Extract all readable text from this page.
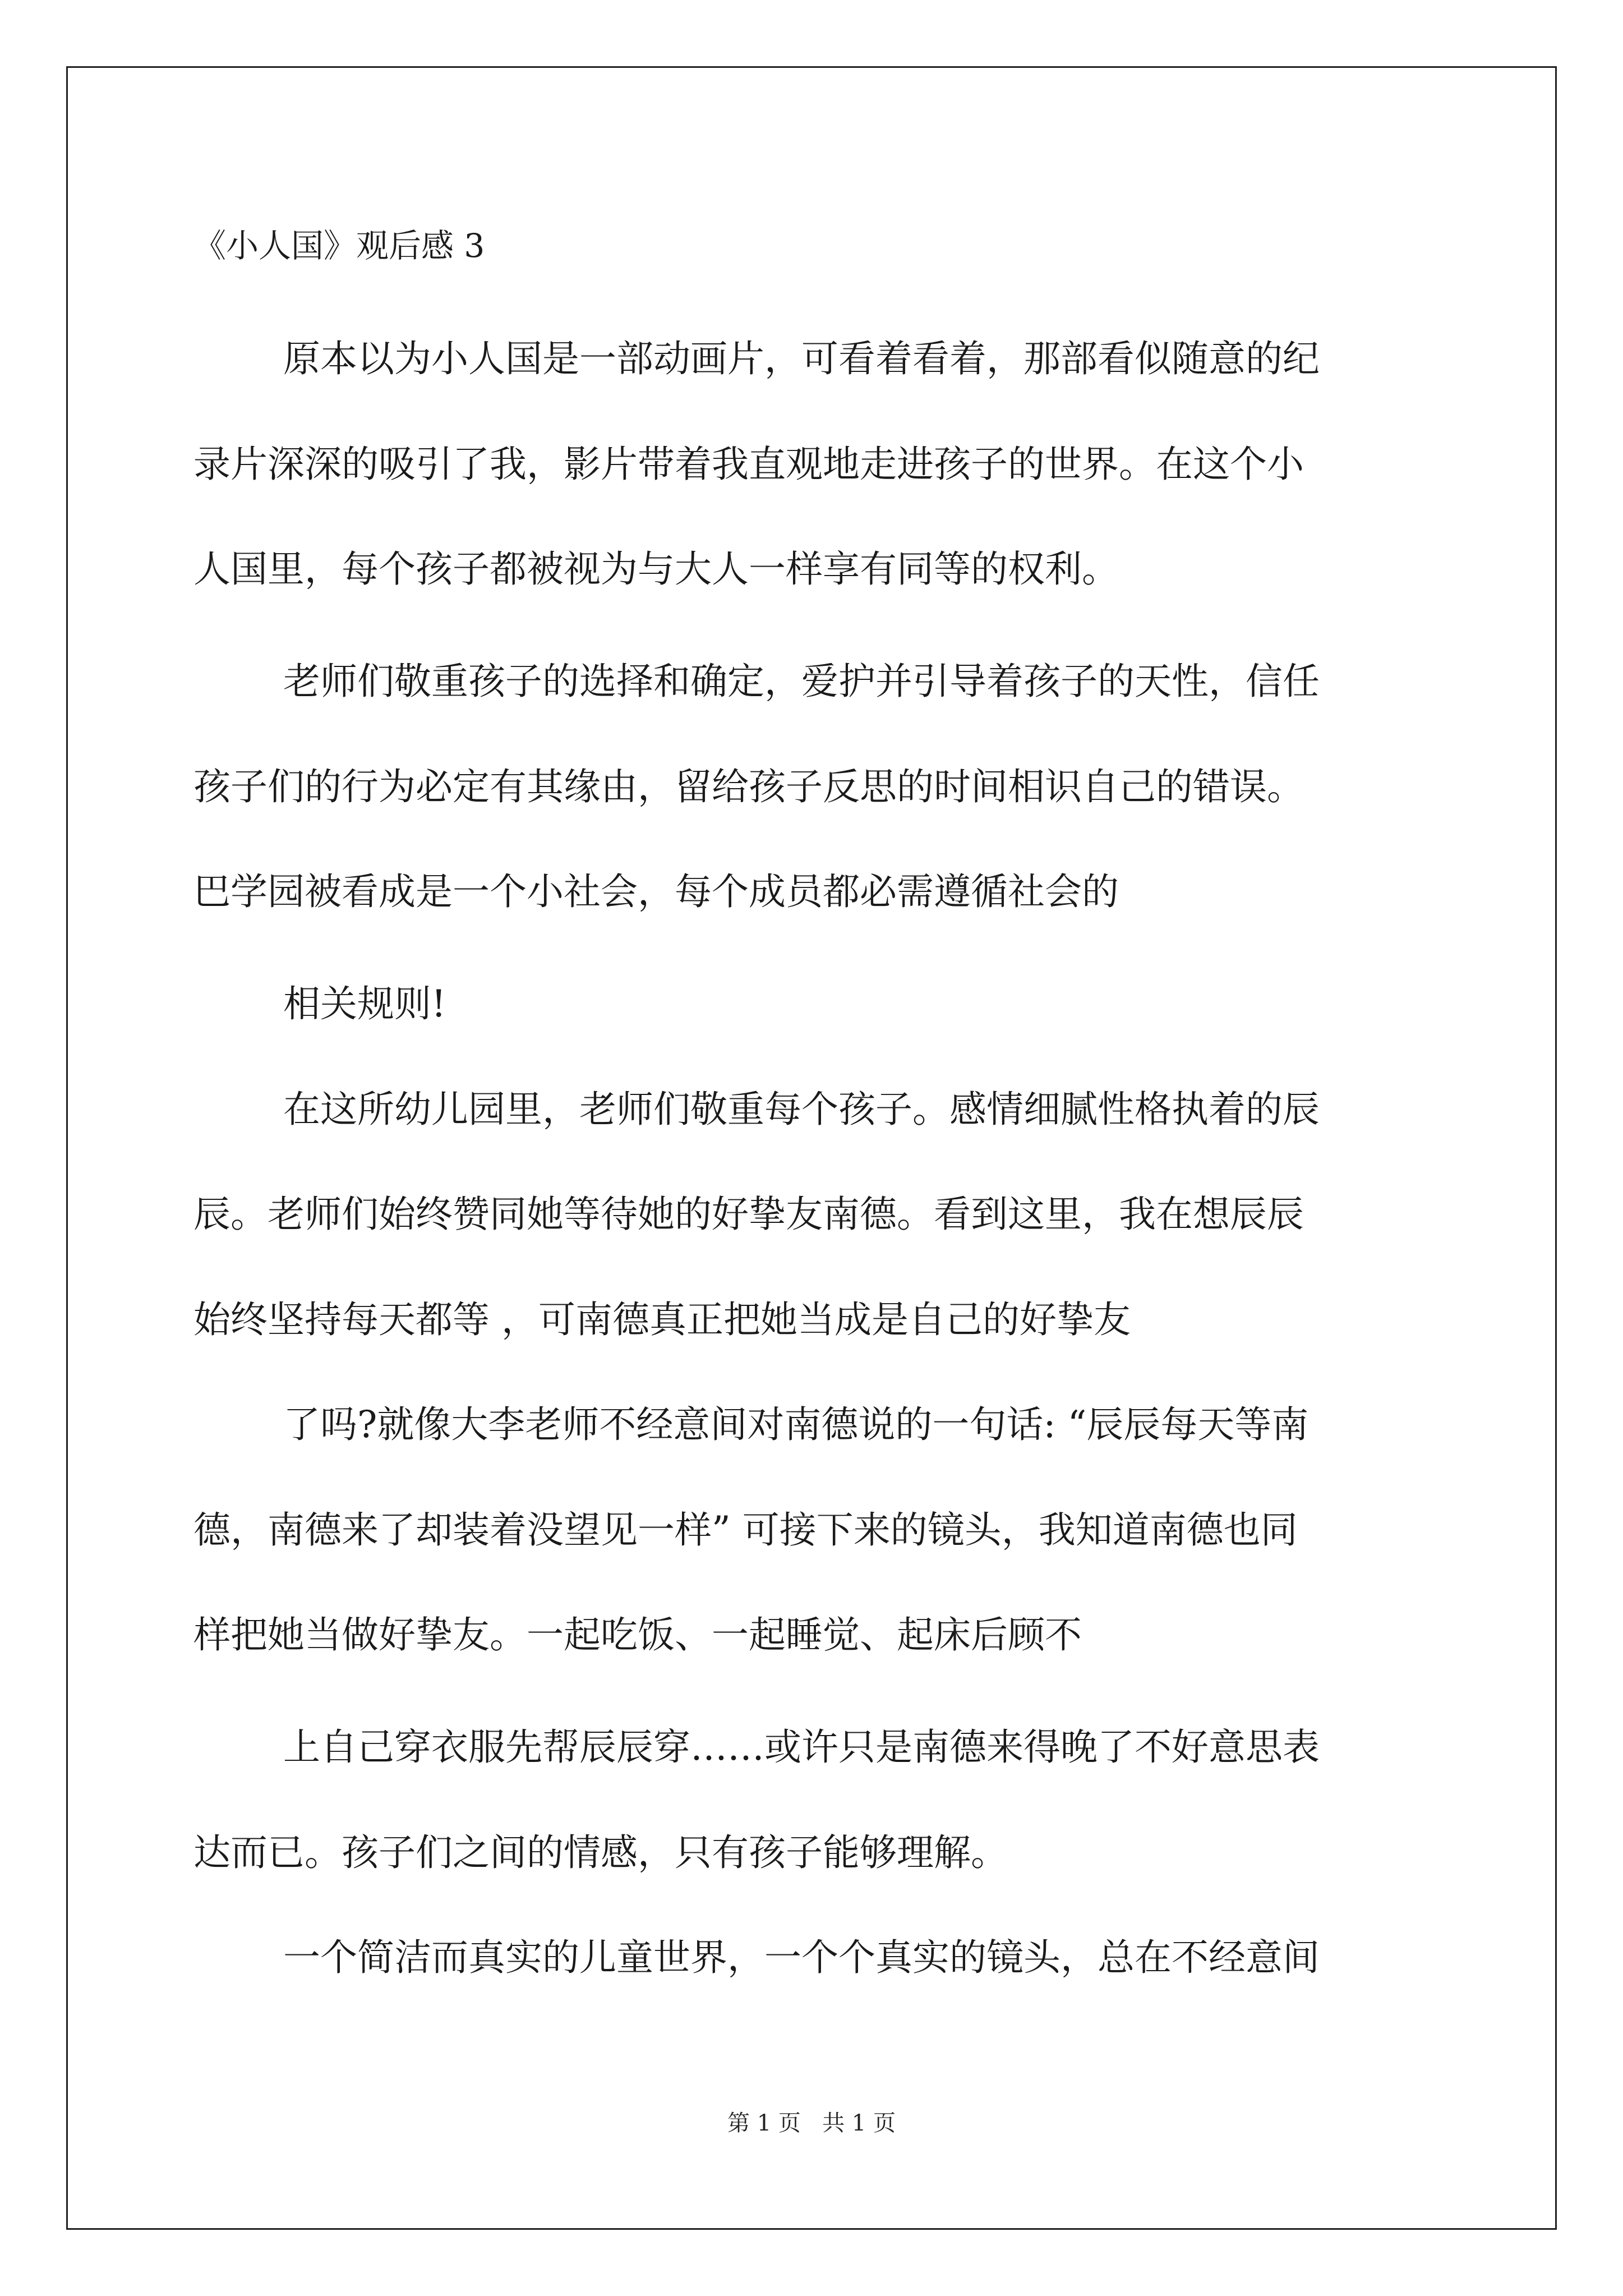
《小人国》观后感 3
原本以为小人国是一部动画片，可看着看着，那部看似随意的纪
录片深深的吸引了我，影片带着我直观地走进孩子的世界。在这个小
人国里，每个孩子都被视为与大人一样享有同等的权利。
老师们敬重孩子的选择和确定，爱护并引导着孩子的天性，信任
孩子们的行为必定有其缘由，留给孩子反思的时间相识自己的错误。
巴学园被看成是一个小社会，每个成员都必需遵循社会的
相关规则!
在这所幼儿园里，老师们敬重每个孩子。感情细腻性格执着的辰
辰。老师们始终赞同她等待她的好挚友南德。看到这里，我在想辰辰
始终坚持每天都等 ，可南德真正把她当成是自己的好挚友
了吗?就像大李老师不经意间对南德说的一句话: “辰辰每天等南
德，南德来了却装着没望见一样” 可接下来的镜头，我知道南德也同
样把她当做好挚友。一起吃饭、一起睡觉、起床后顾不
上自己穿衣服先帮辰辰穿……或许只是南德来得晚了不好意思表
达而已。孩子们之间的情感，只有孩子能够理解。
一个简洁而真实的儿童世界，一个个真实的镜头，总在不经意间
第 1 页   共 1 页
